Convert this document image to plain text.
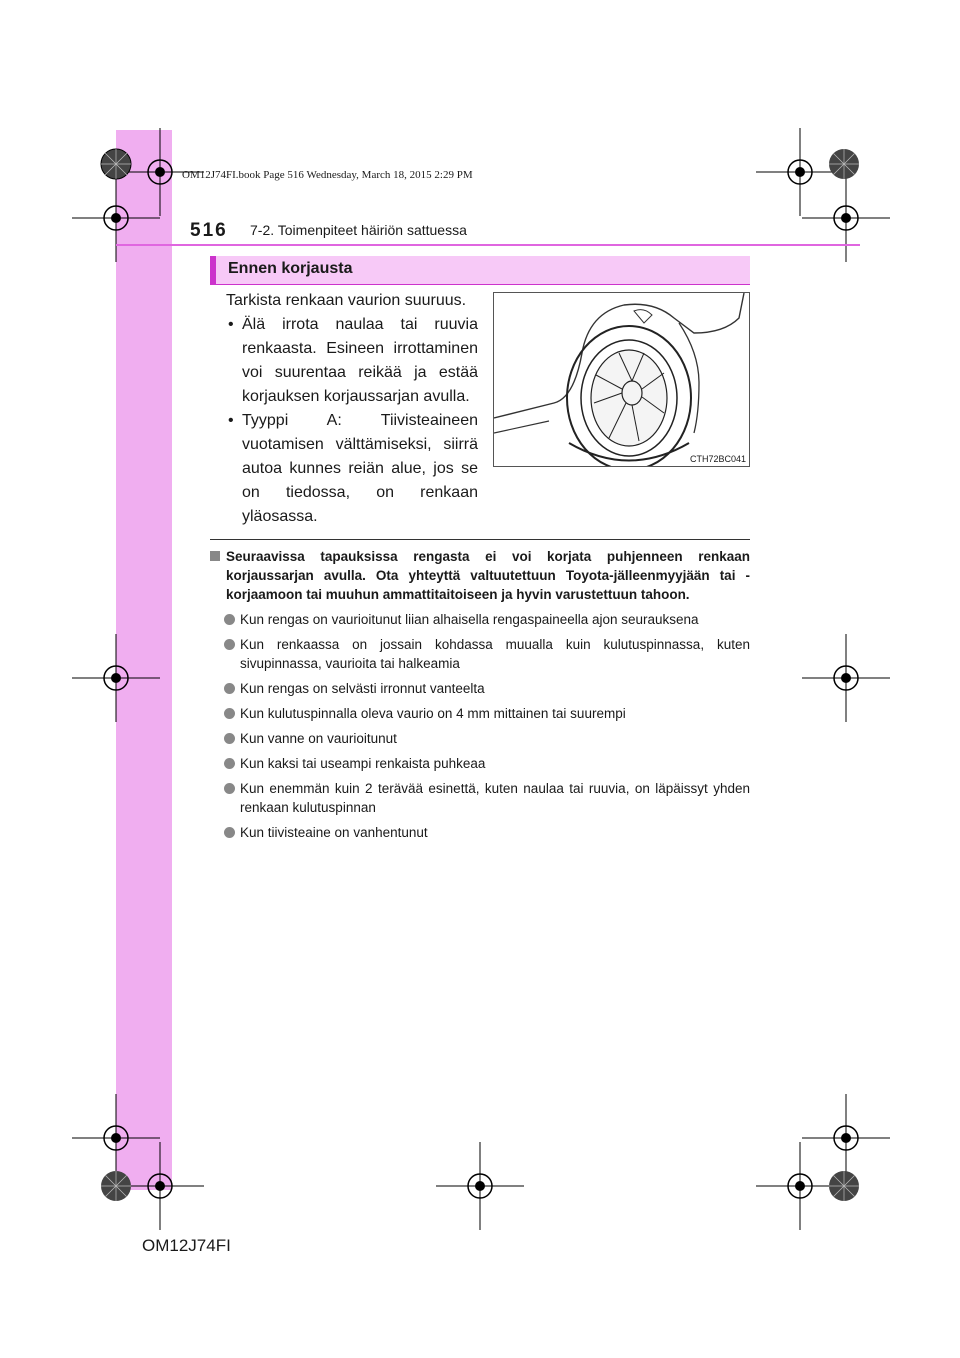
OM12J74FI.book Page 516 Wednesday, March 18, 2015 2:29 PM
516 7-2. Toimenpiteet häiriön sattuessa
Ennen korjausta
Tarkista renkaan vaurion suuruus.
• Älä irrota naulaa tai ruuvia renkaasta. Esineen irrottaminen voi suurentaa reikää ja estää korjauksen korjaussarjan avulla.
• Tyyppi A: Tiivisteaineen vuotamisen välttämiseksi, siirrä autoa kunnes reiän alue, jos se on tiedossa, on renkaan yläosassa.
CTH72BC041
Seuraavissa tapauksissa rengasta ei voi korjata puhjenneen renkaan korjaussarjan avulla. Ota yhteyttä valtuutettuun Toyota-jälleenmyyjään tai -korjaamoon tai muuhun ammattitaitoiseen ja hyvin varustettuun tahoon.
Kun rengas on vaurioitunut liian alhaisella rengaspaineella ajon seurauksena
Kun renkaassa on jossain kohdassa muualla kuin kulutuspinnassa, kuten sivupinnassa, vaurioita tai halkeamia
Kun rengas on selvästi irronnut vanteelta
Kun kulutuspinnalla oleva vaurio on 4 mm mittainen tai suurempi
Kun vanne on vaurioitunut
Kun kaksi tai useampi renkaista puhkeaa
Kun enemmän kuin 2 terävää esinettä, kuten naulaa tai ruuvia, on läpäissyt yhden renkaan kulutuspinnan
Kun tiivisteaine on vanhentunut
OM12J74FI
